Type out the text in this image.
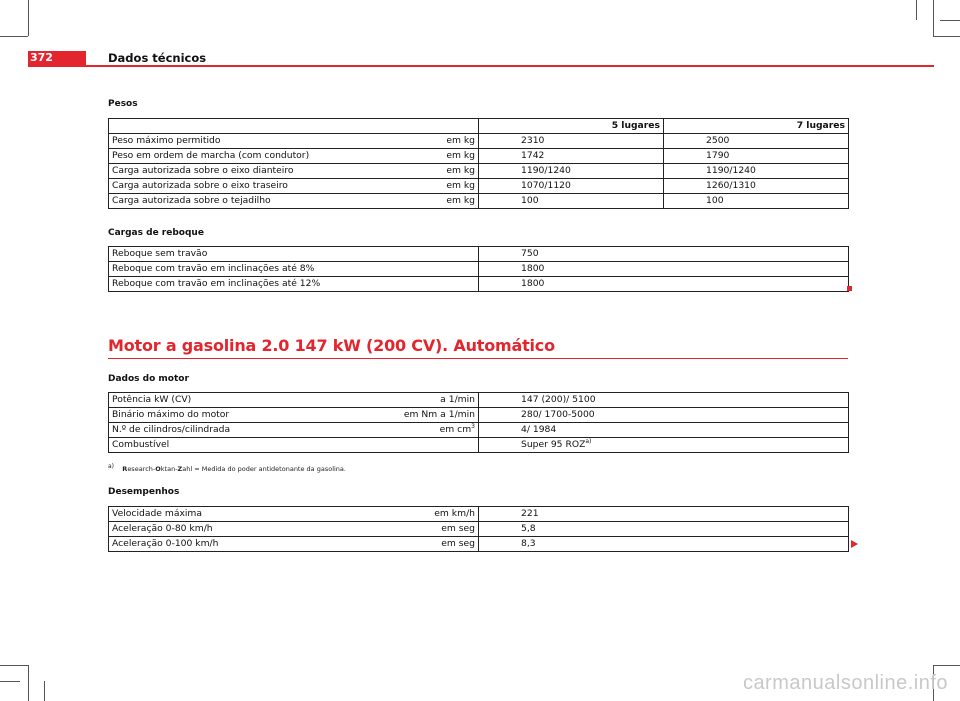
372	Dados técnicos
Pesos
	5 lugares	7 lugares

Peso máximo permitido em kg	2310	2500

Peso em ordem de marcha (com condutor) em kg	1742	1790

Carga autorizada sobre o eixo dianteiro em kg	1190/1240	1190/1240

Carga autorizada sobre o eixo traseiro em kg	1070/1120	1260/1310

Carga autorizada sobre o tejadilho em kg	100	100
Cargas de reboque
Reboque sem travão	750
Reboque com travão em inclinações até 8%	1800
Reboque com travão em inclinações até 12%	1800
Motor a gasolina 2.0 147 kW (200 CV). Automático
Dados do motor
Potência kW (CV) a 1/min	147 (200)/ 5100

Binário máximo do motor em Nm a 1/min	280/ 1700-5000

N.º de cilindros/cilindrada em $cm^3$	4/ 1984
Combustível	Super 95 ROZ$^{a)}$
$^{a)}$ Research-Oktan-Zahl = Medida do poder antidetonante da gasolina.
Desempenhos
Velocidade máxima em km/h	221

Aceleração 0-80 km/h em seg	5,8

Aceleração 0-100 km/h em seg	8,3
carmanualsonline.info
